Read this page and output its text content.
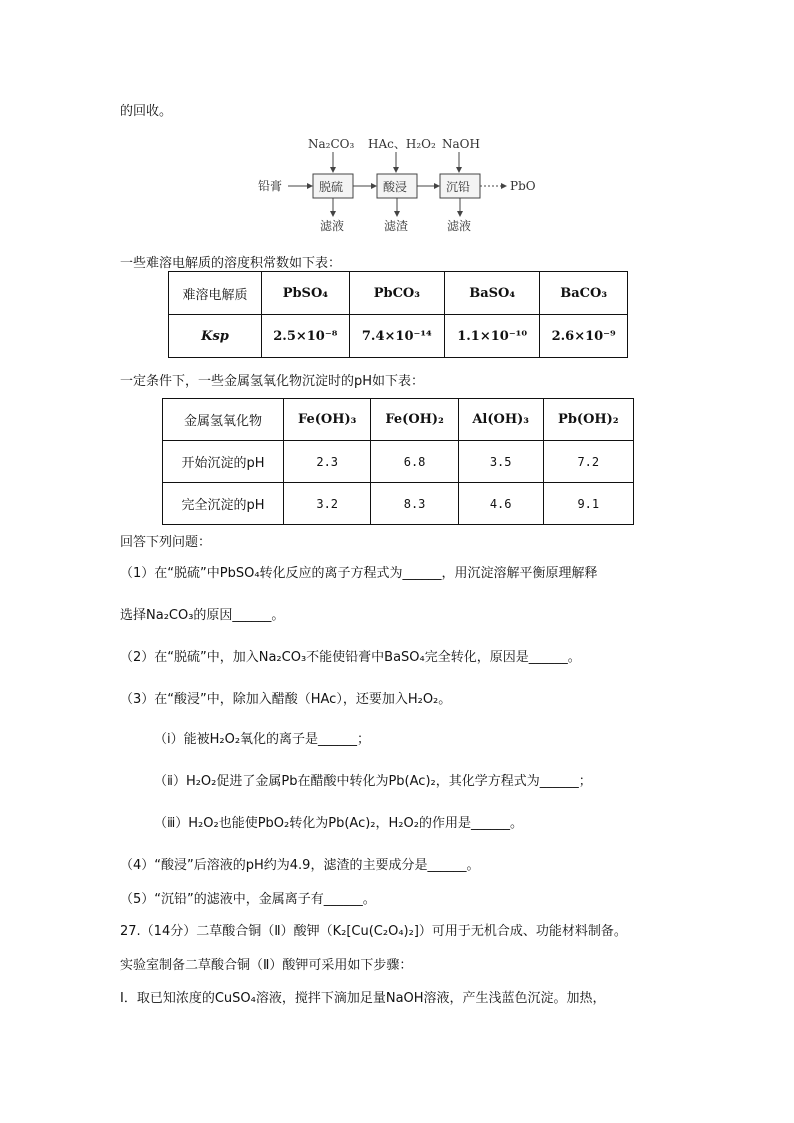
的回收。
Na₂CO₃ HAc、H₂O₂ NaOH
铅膏	脱硫	酸浸	沉铅	PbO
滤液	滤渣	滤液
一些难溶电解质的溶度积常数如下表：
难溶电解质	PbSO₄	PbCO₃	BaSO₄	BaCO₃
Ksp	2.5×10⁻⁸	7.4×10⁻¹⁴	1.1×10⁻¹⁰	2.6×10⁻⁹
一定条件下，一些金属氢氧化物沉淀时的pH如下表：
金属氢氧化物	Fe(OH)₃	Fe(OH)₂	Al(OH)₃	Pb(OH)₂
开始沉淀的pH	2.3	6.8	3.5	7.2
完全沉淀的pH	3.2	8.3	4.6	9.1
回答下列问题：
（1）在“脱硫”中PbSO₄转化反应的离子方程式为______，用沉淀溶解平衡原理解释
选择Na₂CO₃的原因______。
（2）在“脱硫”中，加入Na₂CO₃不能使铅膏中BaSO₄完全转化，原因是______。
（3）在“酸浸”中，除加入醋酸（HAc），还要加入H₂O₂。
（ⅰ）能被H₂O₂氧化的离子是______；
（ⅱ）H₂O₂促进了金属Pb在醋酸中转化为Pb(Ac)₂，其化学方程式为______；
（ⅲ）H₂O₂也能使PbO₂转化为Pb(Ac)₂，H₂O₂的作用是______。
（4）“酸浸”后溶液的pH约为4.9，滤渣的主要成分是______。
（5）“沉铅”的滤液中，金属离子有______。
27.（14分）二草酸合铜（Ⅱ）酸钾（K₂[Cu(C₂O₄)₂]）可用于无机合成、功能材料制备。
实验室制备二草酸合铜（Ⅱ）酸钾可采用如下步骤：
Ⅰ．取已知浓度的CuSO₄溶液，搅拌下滴加足量NaOH溶液，产生浅蓝色沉淀。加热，
